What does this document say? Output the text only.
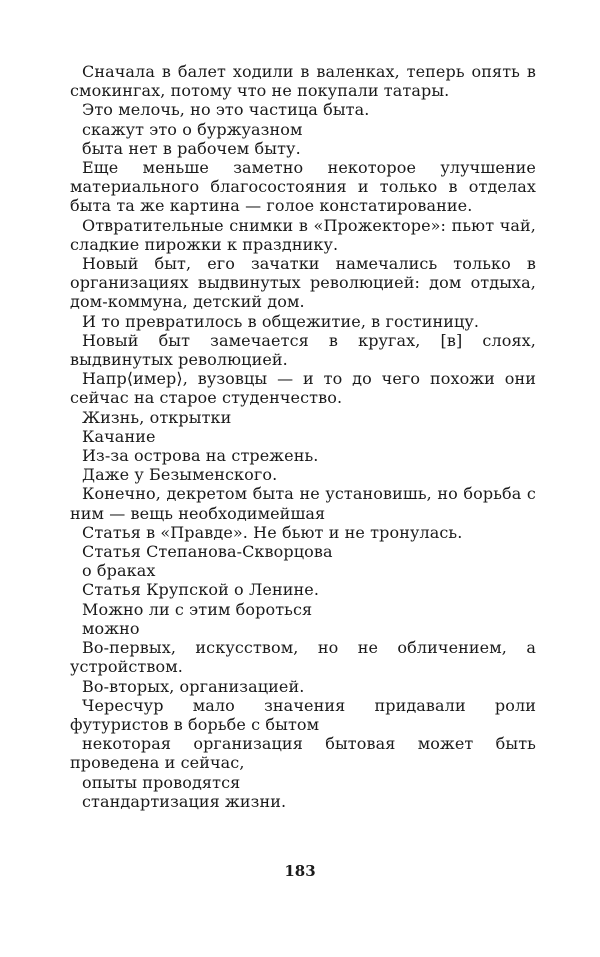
Сначала в балет ходили в валенках, теперь опять в смокингах, потому что не покупали татары.

Это мелочь, но это частица быта.

скажут это о буржуазном

быта нет в рабочем быту.

Еще меньше заметно некоторое улучшение материального благосостояния и только в отделах быта та же картина — голое констатирование.

Отвратительные снимки в «Прожекторе»: пьют чай, сладкие пирожки к празднику.

Новый быт, его зачатки намечались только в организациях выдвинутых революцией: дом отдыха, дом-коммуна, детский дом.

И то превратилось в общежитие, в гостиницу.

Новый быт замечается в кругах, [в] слоях, выдвинутых революцией.

Напр⟨имер⟩, вузовцы — и то до чего похожи они сейчас на старое студенчество.

Жизнь, открытки

Качание

Из-за острова на стрежень.

Даже у Безыменского.

Конечно, декретом быта не установишь, но борьба с ним — вещь необходимейшая

Статья в «Правде». Не бьют и не тронулась.

Статья Степанова-Скворцова

о браках

Статья Крупской о Ленине.

Можно ли с этим бороться

можно

Во-первых, искусством, но не обличением, а устройством.

Во-вторых, организацией.

Чересчур мало значения придавали роли футуристов в борьбе с бытом

некоторая организация бытовая может быть проведена и сейчас,

опыты проводятся

стандартизация жизни.

183
